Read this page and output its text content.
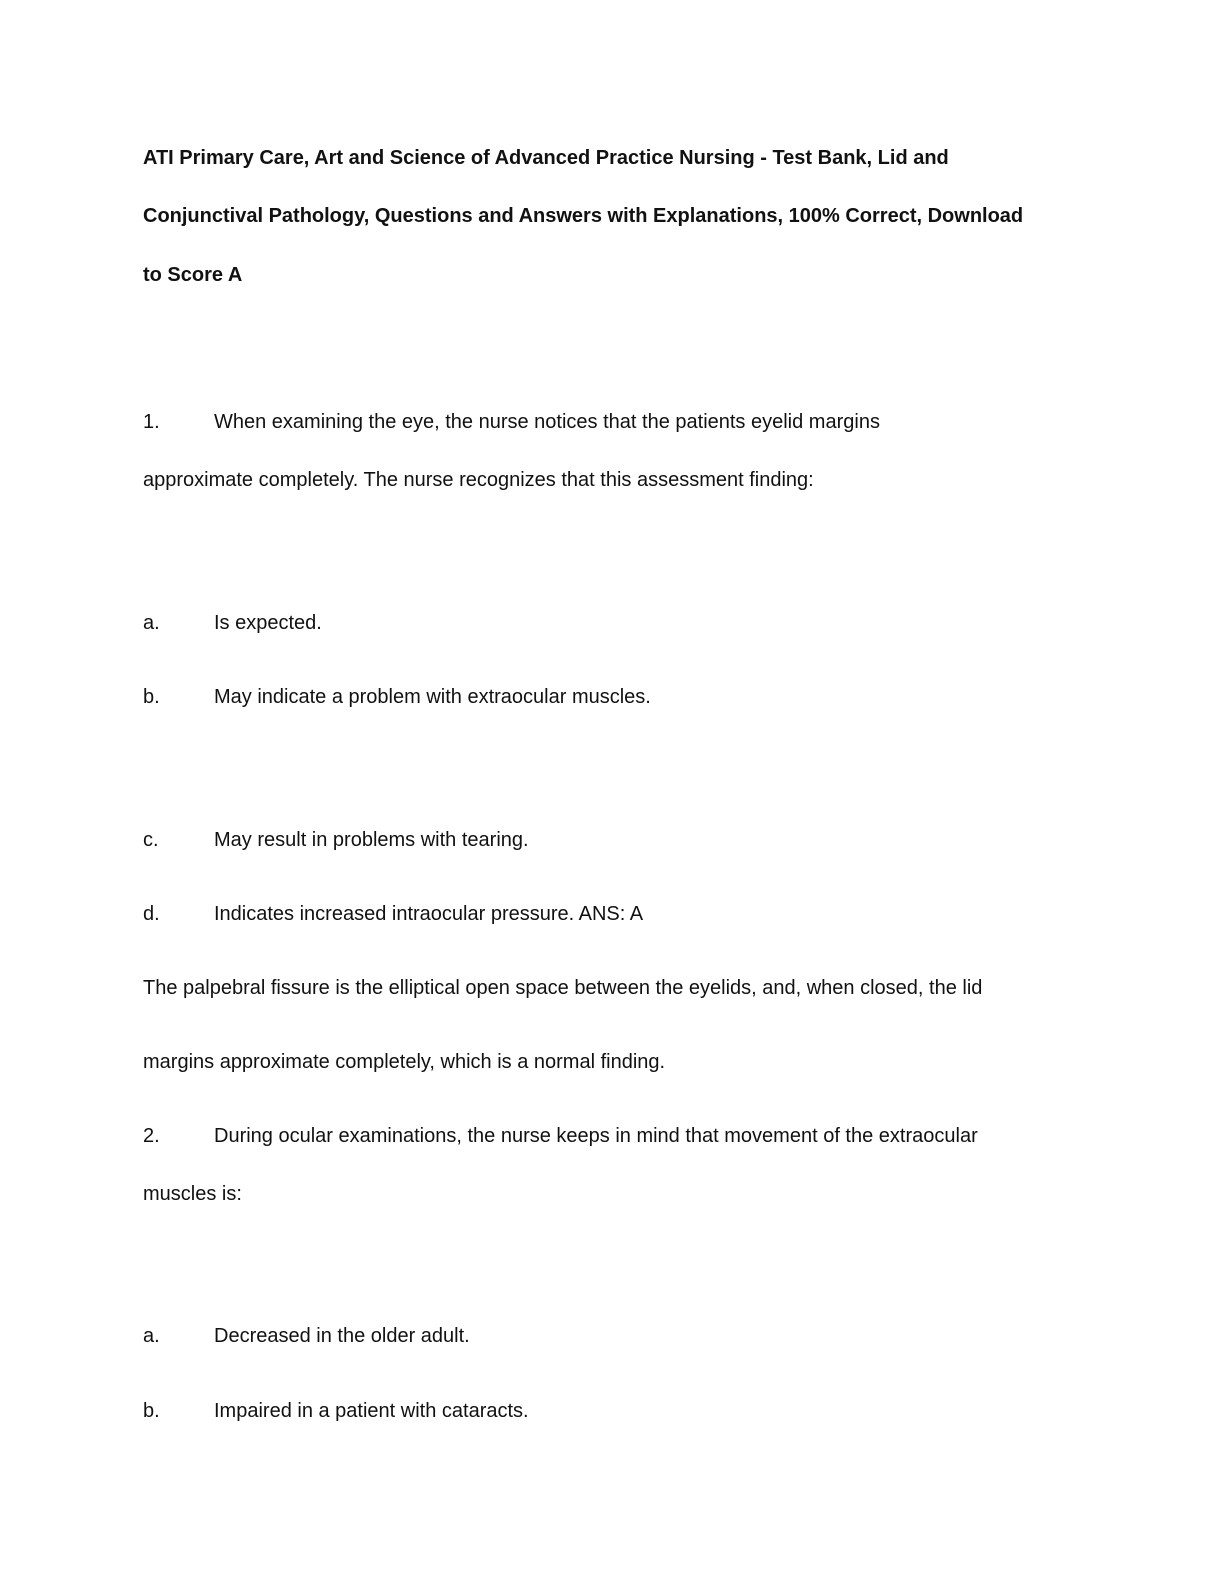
ATI Primary Care, Art and Science of Advanced Practice Nursing - Test Bank, Lid and
Conjunctival Pathology, Questions and Answers with Explanations, 100% Correct, Download
to Score A
1.	When examining the eye, the nurse notices that the patients eyelid margins
approximate completely. The nurse recognizes that this assessment finding:
a.	Is expected.
b.	May indicate a problem with extraocular muscles.
c.	May result in problems with tearing.
d.	Indicates increased intraocular pressure. ANS: A
The palpebral fissure is the elliptical open space between the eyelids, and, when closed, the lid
margins approximate completely, which is a normal finding.
2.	During ocular examinations, the nurse keeps in mind that movement of the extraocular
muscles is:
a.	Decreased in the older adult.
b.	Impaired in a patient with cataracts.
